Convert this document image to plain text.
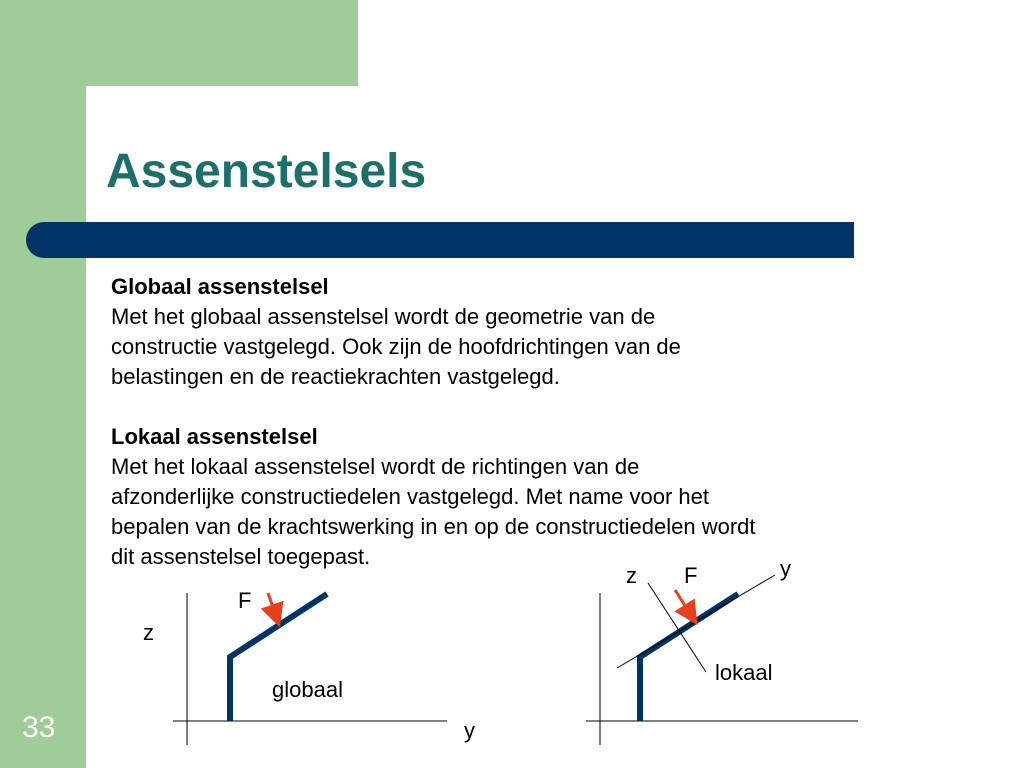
Assenstelsels

Globaal assenstelsel

Met het globaal assenstelsel wordt de geometrie van de

constructie vastgelegd. Ook zijn de hoofdrichtingen van de

belastingen en de reactiekrachten vastgelegd.

Lokaal assenstelsel

Met het lokaal assenstelsel wordt de richtingen van de

afzonderlijke constructiedelen vastgelegd. Met name voor het

bepalen van de krachtswerking in en op de constructiedelen wordt

dit assenstelsel toegepast.

F
z
y
globaal
F
z	y
lokaal
33
